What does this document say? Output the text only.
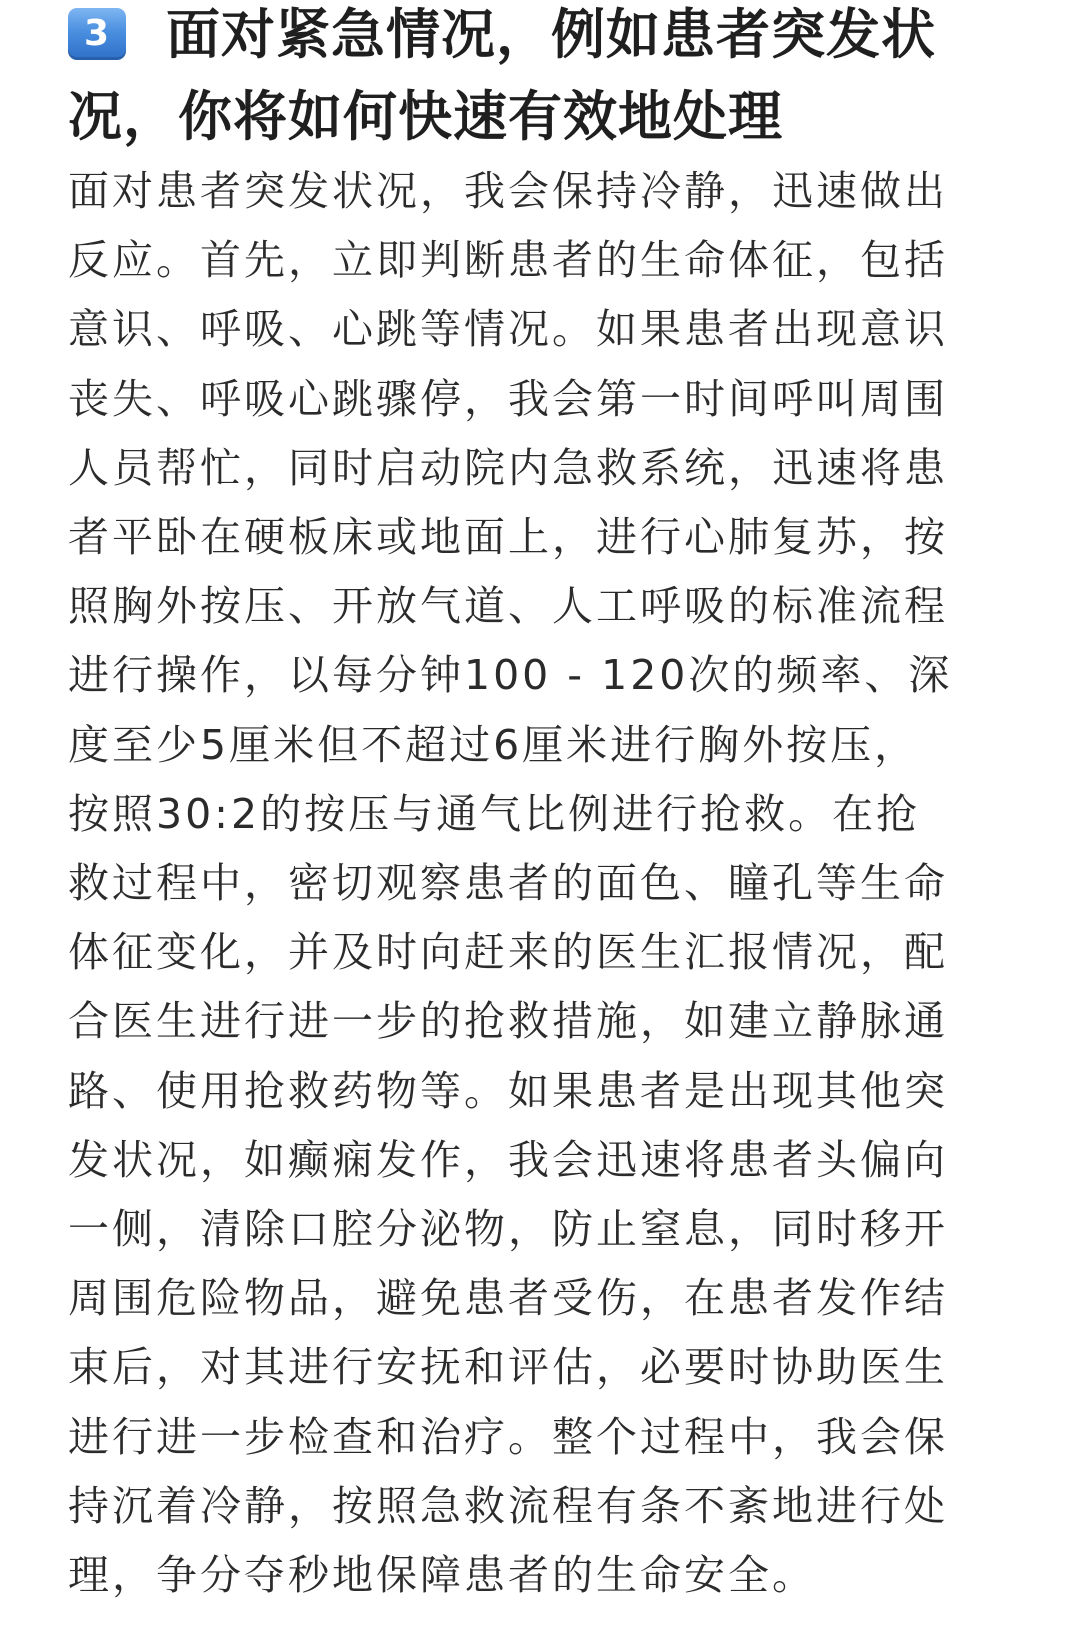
3 面对紧急情况，例如患者突发状
况，你将如何快速有效地处理
面对患者突发状况，我会保持冷静，迅速做出
反应。首先，立即判断患者的生命体征，包括
意识、呼吸、心跳等情况。如果患者出现意识
丧失、呼吸心跳骤停，我会第一时间呼叫周围
人员帮忙，同时启动院内急救系统，迅速将患
者平卧在硬板床或地面上，进行心肺复苏，按
照胸外按压、开放气道、人工呼吸的标准流程
进行操作，以每分钟100 - 120次的频率、深
度至少5厘米但不超过6厘米进行胸外按压，
按照30:2的按压与通气比例进行抢救。在抢
救过程中，密切观察患者的面色、瞳孔等生命
体征变化，并及时向赶来的医生汇报情况，配
合医生进行进一步的抢救措施，如建立静脉通
路、使用抢救药物等。如果患者是出现其他突
发状况，如癫痫发作，我会迅速将患者头偏向
一侧，清除口腔分泌物，防止窒息，同时移开
周围危险物品，避免患者受伤，在患者发作结
束后，对其进行安抚和评估，必要时协助医生
进行进一步检查和治疗。整个过程中，我会保
持沉着冷静，按照急救流程有条不紊地进行处
理，争分夺秒地保障患者的生命安全。
